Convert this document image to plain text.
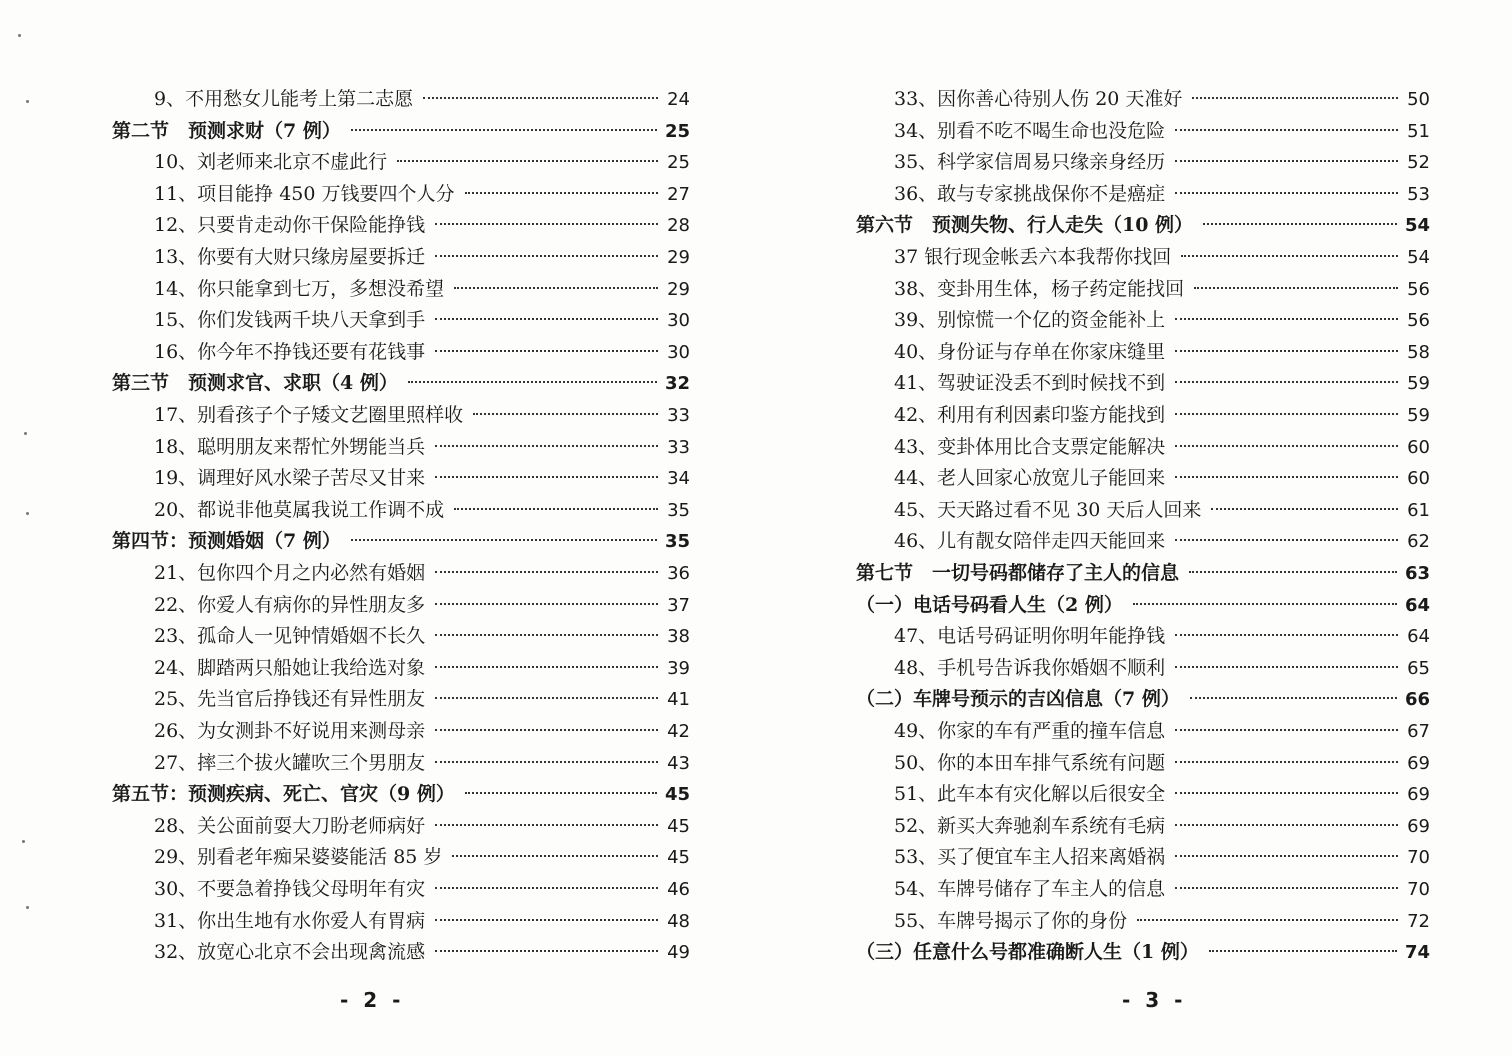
9、不用愁女儿能考上第二志愿	24
第二节　预测求财（7 例）	25
10、刘老师来北京不虚此行	25
11、项目能挣 450 万钱要四个人分	27
12、只要肯走动你干保险能挣钱	28
13、你要有大财只缘房屋要拆迁	29
14、你只能拿到七万，多想没希望	29
15、你们发钱两千块八天拿到手	30
16、你今年不挣钱还要有花钱事	30
第三节　预测求官、求职（4 例）	32
17、别看孩子个子矮文艺圈里照样收	33
18、聪明朋友来帮忙外甥能当兵	33
19、调理好风水梁子苦尽又甘来	34
20、都说非他莫属我说工作调不成	35
第四节：预测婚姻（7 例）	35
21、包你四个月之内必然有婚姻	36
22、你爱人有病你的异性朋友多	37
23、孤命人一见钟情婚姻不长久	38
24、脚踏两只船她让我给选对象	39
25、先当官后挣钱还有异性朋友	41
26、为女测卦不好说用来测母亲	42
27、摔三个拔火罐吹三个男朋友	43
第五节：预测疾病、死亡、官灾（9 例）	45
28、关公面前耍大刀盼老师病好	45
29、别看老年痴呆婆婆能活 85 岁	45
30、不要急着挣钱父母明年有灾	46
31、你出生地有水你爱人有胃病	48
32、放宽心北京不会出现禽流感	49
- 2 -
33、因你善心待别人伤 20 天准好	50
34、别看不吃不喝生命也没危险	51
35、科学家信周易只缘亲身经历	52
36、敢与专家挑战保你不是癌症	53
第六节　预测失物、行人走失（10 例）	54
37 银行现金帐丢六本我帮你找回	54
38、变卦用生体，杨子药定能找回	56
39、别惊慌一个亿的资金能补上	56
40、身份证与存单在你家床缝里	58
41、驾驶证没丢不到时候找不到	59
42、利用有利因素印鉴方能找到	59
43、变卦体用比合支票定能解决	60
44、老人回家心放宽儿子能回来	60
45、天天路过看不见 30 天后人回来	61
46、儿有靓女陪伴走四天能回来	62
第七节　一切号码都储存了主人的信息	63
（一）电话号码看人生（2 例）	64
47、电话号码证明你明年能挣钱	64
48、手机号告诉我你婚姻不顺利	65
（二）车牌号预示的吉凶信息（7 例）	66
49、你家的车有严重的撞车信息	67
50、你的本田车排气系统有问题	69
51、此车本有灾化解以后很安全	69
52、新买大奔驰刹车系统有毛病	69
53、买了便宜车主人招来离婚祸	70
54、车牌号储存了车主人的信息	70
55、车牌号揭示了你的身份	72
（三）任意什么号都准确断人生（1 例）	74
- 3 -
